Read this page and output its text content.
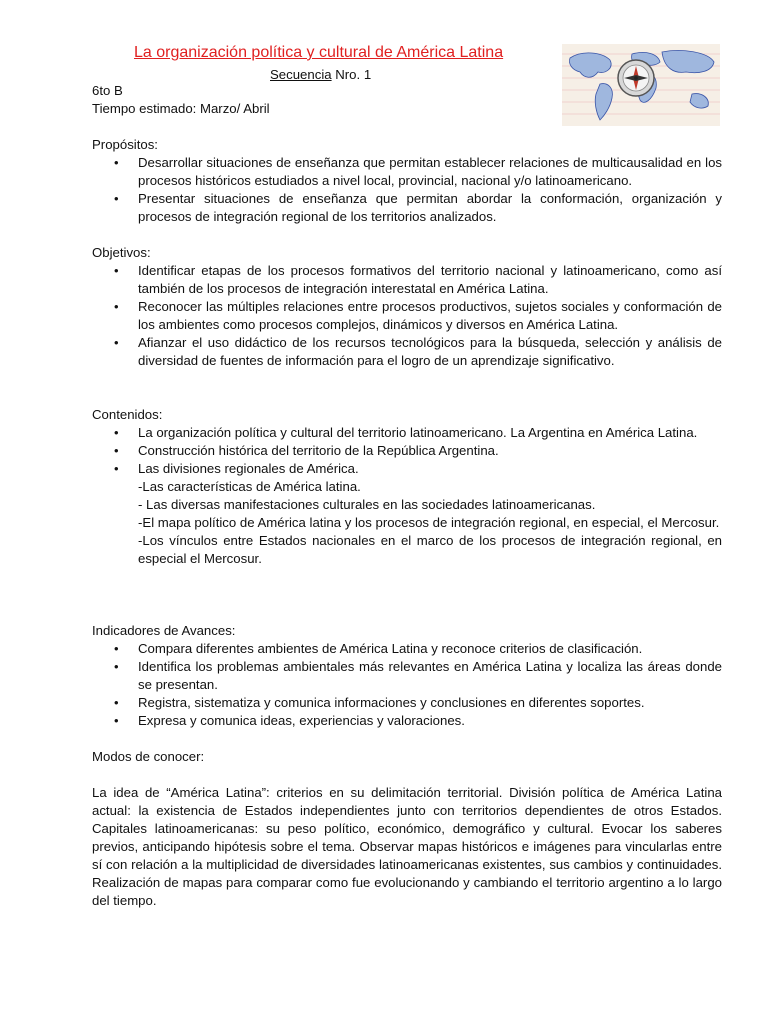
La organización política y cultural de América Latina
Secuencia Nro. 1
6to B
Tiempo estimado: Marzo/ Abril
Propósitos:
• Desarrollar situaciones de enseñanza que permitan establecer relaciones de multicausalidad en los procesos históricos estudiados a nivel local, provincial, nacional y/o latinoamericano.
• Presentar situaciones de enseñanza que permitan abordar la conformación, organización y procesos de integración regional de los territorios analizados.
Objetivos:
• Identificar etapas de los procesos formativos del territorio nacional y latinoamericano, como así también de los procesos de integración interestatal en América Latina.
• Reconocer las múltiples relaciones entre procesos productivos, sujetos sociales y conformación de los ambientes como procesos complejos, dinámicos y diversos en América Latina.
• Afianzar el uso didáctico de los recursos tecnológicos para la búsqueda, selección y análisis de diversidad de fuentes de información para el logro de un aprendizaje significativo.
Contenidos:
• La organización política y cultural del territorio latinoamericano. La Argentina en América Latina.
• Construcción histórica del territorio de la República Argentina.
• Las divisiones regionales de América.
-Las características de América latina.
- Las diversas manifestaciones culturales en las sociedades latinoamericanas.
-El mapa político de América latina y los procesos de integración regional, en especial, el Mercosur.
-Los vínculos entre Estados nacionales en el marco de los procesos de integración regional, en especial el Mercosur.
Indicadores de Avances:
• Compara diferentes ambientes de América Latina y reconoce criterios de clasificación.
• Identifica los problemas ambientales más relevantes en América Latina y localiza las áreas donde se presentan.
• Registra, sistematiza y comunica informaciones y conclusiones en diferentes soportes.
• Expresa y comunica ideas, experiencias y valoraciones.
Modos de conocer:
La idea de “América Latina”: criterios en su delimitación territorial. División política de América Latina actual: la existencia de Estados independientes junto con territorios dependientes de otros Estados. Capitales latinoamericanas: su peso político, económico, demográfico y cultural. Evocar los saberes previos, anticipando hipótesis sobre el tema. Observar mapas históricos e imágenes para vincularlas entre sí con relación a la multiplicidad de diversidades latinoamericanas existentes, sus cambios y continuidades. Realización de mapas para comparar como fue evolucionando y cambiando el territorio argentino a lo largo del tiempo.
